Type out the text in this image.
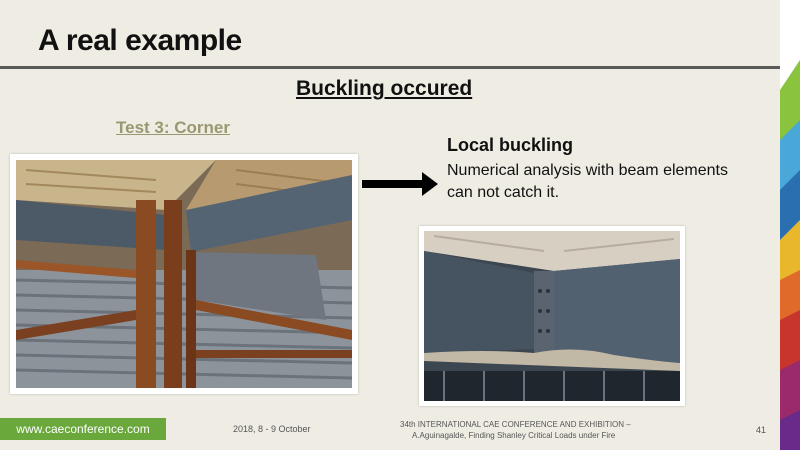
A real example
Buckling occured
Test 3: Corner
Local buckling
Numerical analysis with beam elements can not catch it.
www.caeconference.com	2018, 8 - 9 October	34th INTERNATIONAL CAE CONFERENCE AND EXHIBITION –
A.Aguinagalde, Finding Shanley Critical Loads under Fire
41
